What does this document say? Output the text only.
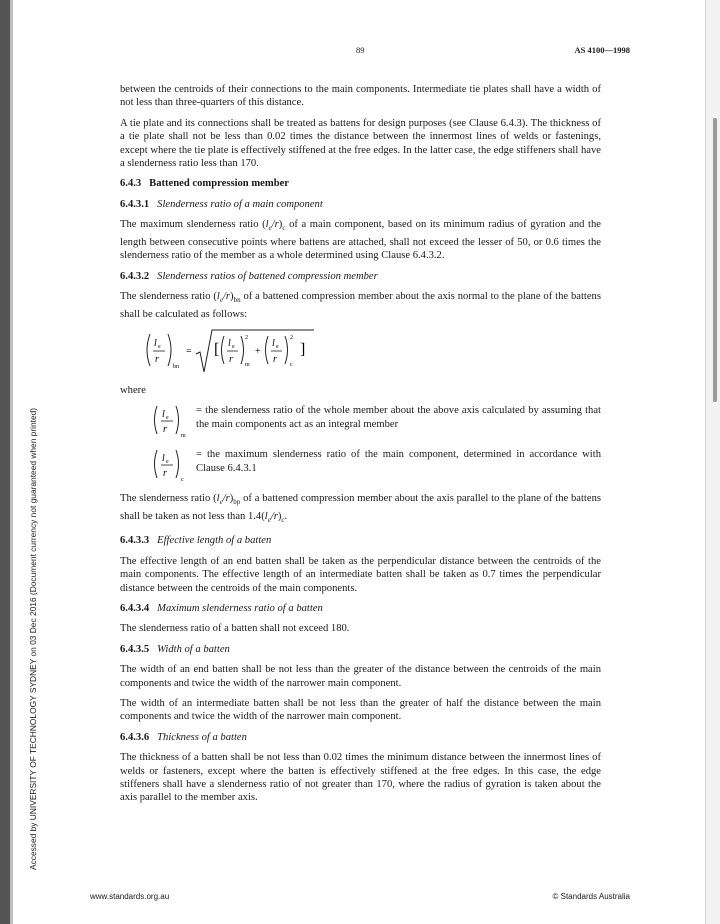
Accessed by UNIVERSITY OF TECHNOLOGY SYDNEY on 03 Dec 2016 (Document currency not guaranteed when printed)
89	AS 4100—1998

between the centroids of their connections to the main components. Intermediate tie plates shall have a width of not less than three-quarters of this distance.

A tie plate and its connections shall be treated as battens for design purposes (see Clause 6.4.3). The thickness of a tie plate shall not be less than 0.02 times the distance between the innermost lines of welds or fastenings, except where the tie plate is effectively stiffened at the free edges. In the latter case, the edge stiffeners shall have a slenderness ratio less than 170.

6.4.3 Battened compression member
6.4.3.1 Slenderness ratio of a main component

The maximum slenderness ratio $(l_e/r)_c$ of a main component, based on its minimum radius of gyration and the length between consecutive points where battens are attached, shall not exceed the lesser of 50, or 0.6 times the slenderness ratio of the member as a whole determined using Clause 6.4.3.2.

6.4.3.2 Slenderness ratios of battened compression member

The slenderness ratio $(l_e/r)_{bn}$ of a battened compression member about the axis normal to the plane of the battens shall be calculated as follows:

l e
r
bn
= [ l e
r
2
m
+
l e
r
2
c
]

where

l e
r
m
= the slenderness ratio of the whole member about the above axis calculated by assuming that the main components act as an integral member
l e
r
c
= the maximum slenderness ratio of the main component, determined in accordance with Clause 6.4.3.1

The slenderness ratio $(l_e/r)_{bp}$ of a battened compression member about the axis parallel to the plane of the battens shall be taken as not less than $1.4(l_e/r)_c$.

6.4.3.3 Effective length of a batten

The effective length of an end batten shall be taken as the perpendicular distance between the centroids of the main components. The effective length of an intermediate batten shall be taken as 0.7 times the perpendicular distance between the centroids of the main components.

6.4.3.4 Maximum slenderness ratio of a batten

The slenderness ratio of a batten shall not exceed 180.

6.4.3.5 Width of a batten

The width of an end batten shall be not less than the greater of the distance between the centroids of the main components and twice the width of the narrower main component.

The width of an intermediate batten shall be not less than the greater of half the distance between the main components and twice the width of the narrower main component.

6.4.3.6 Thickness of a batten

The thickness of a batten shall be not less than 0.02 times the minimum distance between the innermost lines of welds or fasteners, except where the batten is effectively stiffened at the free edges. In this case, the edge stiffeners shall have a slenderness ratio of not greater than 170, where the radius of gyration is taken about the axis parallel to the member axis.

www.standards.org.au	© Standards Australia
